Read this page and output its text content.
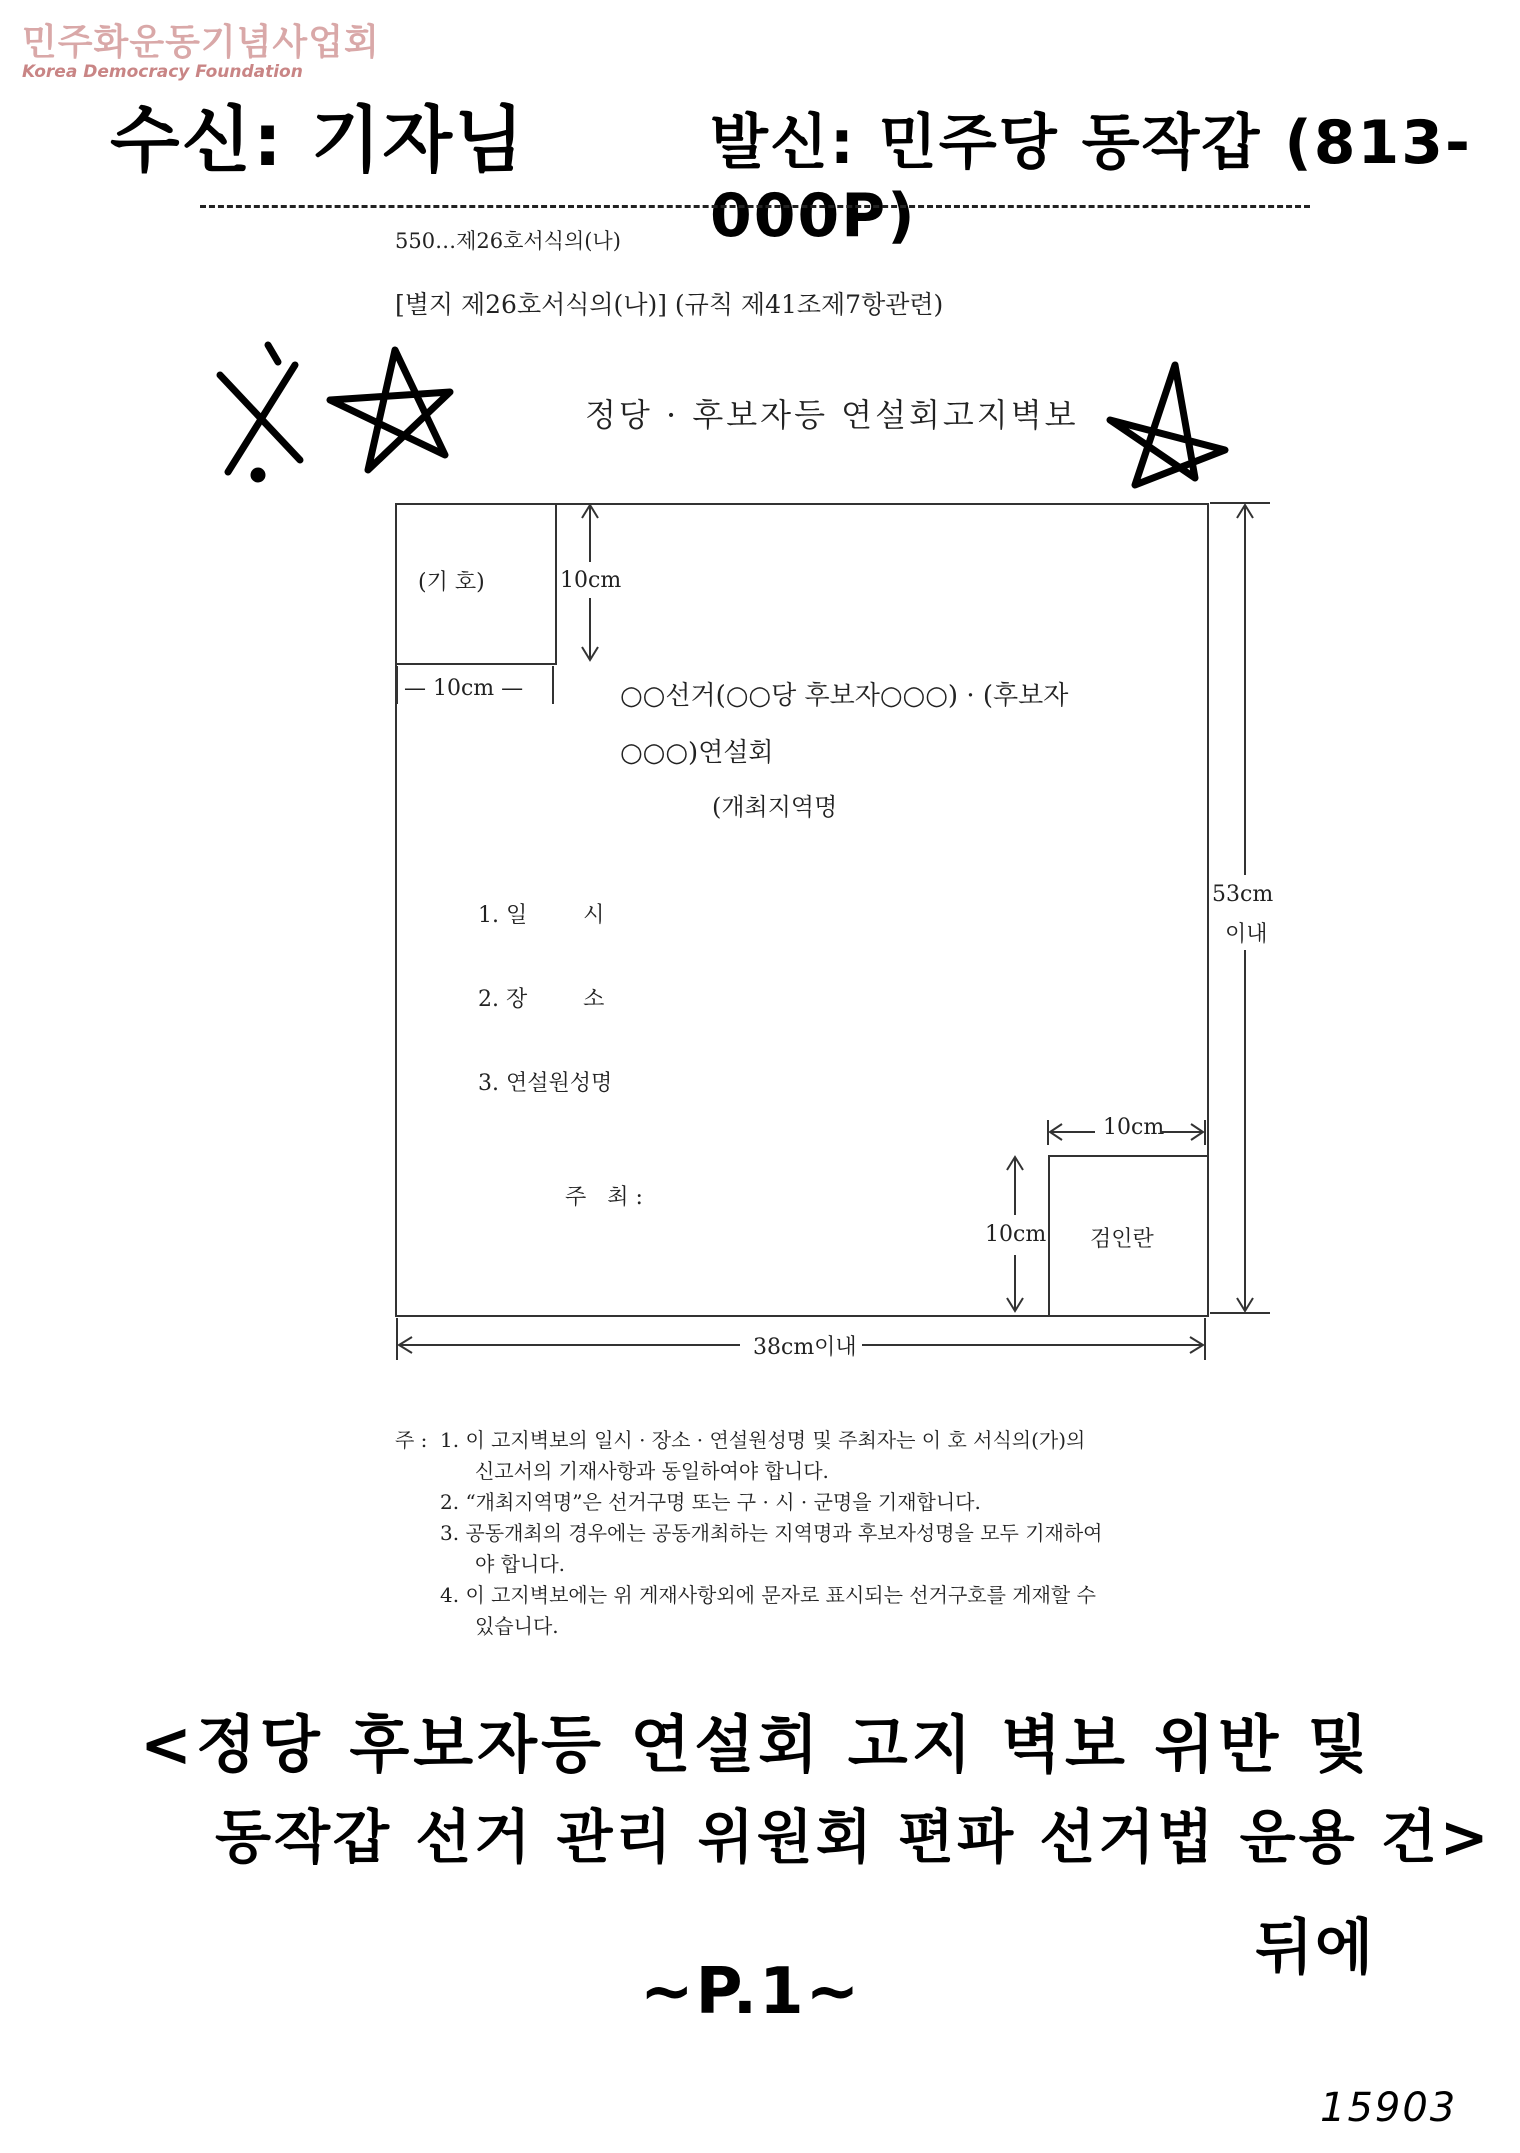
민주화운동기념사업회
Korea Democracy Foundation
수신: 기자님	발신: 민주당 동작갑 (813-000P)
550…제26호서식의(나)
[별지 제26호서식의(나)] (규칙 제41조제7항관련)
정당 · 후보자등 연설회고지벽보
(기 호)	10cm
— 10cm —	○○선거(○○당 후보자○○○) · (후보자
○○○)연설회
(개최지역명
1. 일        시
2. 장        소
3. 연설원성명
주   최 :
검인란
10cm
10cm
53cm
이내
38cm이내
주 : 1. 이 고지벽보의 일시 · 장소 · 연설원성명 및 주최자는 이 호 서식의(가)의
신고서의 기재사항과 동일하여야 합니다.
2. “개최지역명”은 선거구명 또는 구 · 시 · 군명을 기재합니다.
3. 공동개최의 경우에는 공동개최하는 지역명과 후보자성명을 모두 기재하여
야 합니다.
4. 이 고지벽보에는 위 게재사항외에 문자로 표시되는 선거구호를 게재할 수
있습니다.
<정당 후보자등 연설회 고지 벽보 위반 및
동작갑 선거 관리 위원회 편파 선거법 운용 건>
~P.1~
뒤에
15903
